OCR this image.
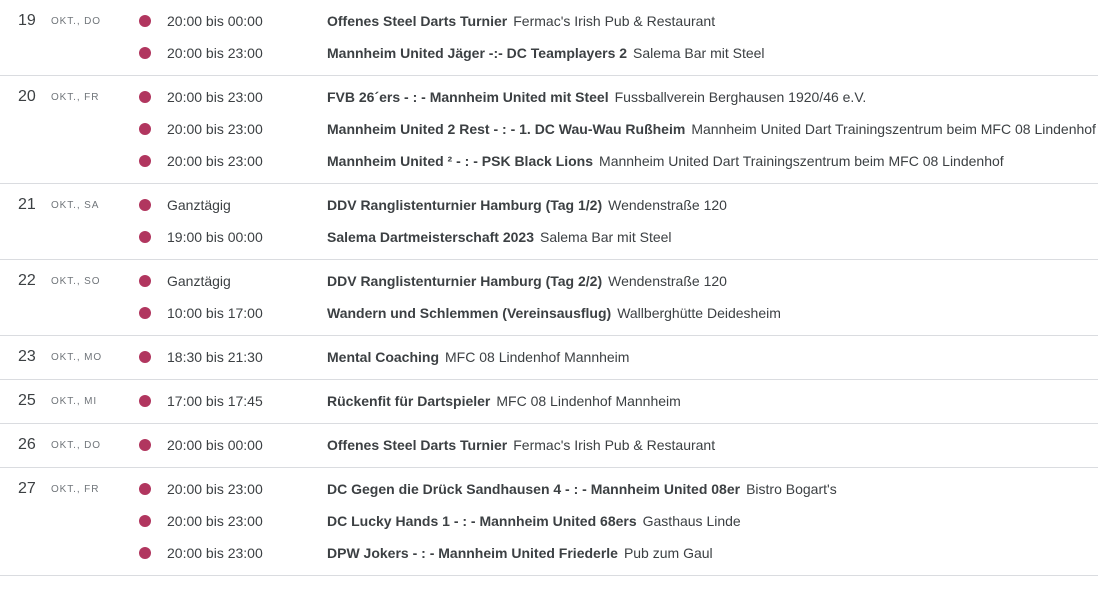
19 OKT., DO	20:00 bis 00:00	Offenes Steel Darts Turnier Fermac's Irish Pub & Restaurant
20:00 bis 23:00	Mannheim United Jäger -:- DC Teamplayers 2 Salema Bar mit Steel
20 OKT., FR	20:00 bis 23:00	FVB 26´ers - : - Mannheim United mit Steel Fussballverein Berghausen 1920/46 e.V.
20:00 bis 23:00	Mannheim United 2 Rest - : - 1. DC Wau-Wau Rußheim Mannheim United Dart Trainingszentrum beim MFC 08 Lindenhof
20:00 bis 23:00	Mannheim United ² - : - PSK Black Lions Mannheim United Dart Trainingszentrum beim MFC 08 Lindenhof
21 OKT., SA	Ganztägig	DDV Ranglistenturnier Hamburg (Tag 1/2) Wendenstraße 120
19:00 bis 00:00	Salema Dartmeisterschaft 2023 Salema Bar mit Steel
22 OKT., SO	Ganztägig	DDV Ranglistenturnier Hamburg (Tag 2/2) Wendenstraße 120
10:00 bis 17:00	Wandern und Schlemmen (Vereinsausflug) Wallberghütte Deidesheim
23 OKT., MO	18:30 bis 21:30	Mental Coaching MFC 08 Lindenhof Mannheim
25 OKT., MI	17:00 bis 17:45	Rückenfit für Dartspieler MFC 08 Lindenhof Mannheim
26 OKT., DO	20:00 bis 00:00	Offenes Steel Darts Turnier Fermac's Irish Pub & Restaurant
27 OKT., FR	20:00 bis 23:00	DC Gegen die Drück Sandhausen 4 - : - Mannheim United 08er Bistro Bogart's
20:00 bis 23:00	DC Lucky Hands 1 - : - Mannheim United 68ers Gasthaus Linde
20:00 bis 23:00	DPW Jokers - : - Mannheim United Friederle Pub zum Gaul
